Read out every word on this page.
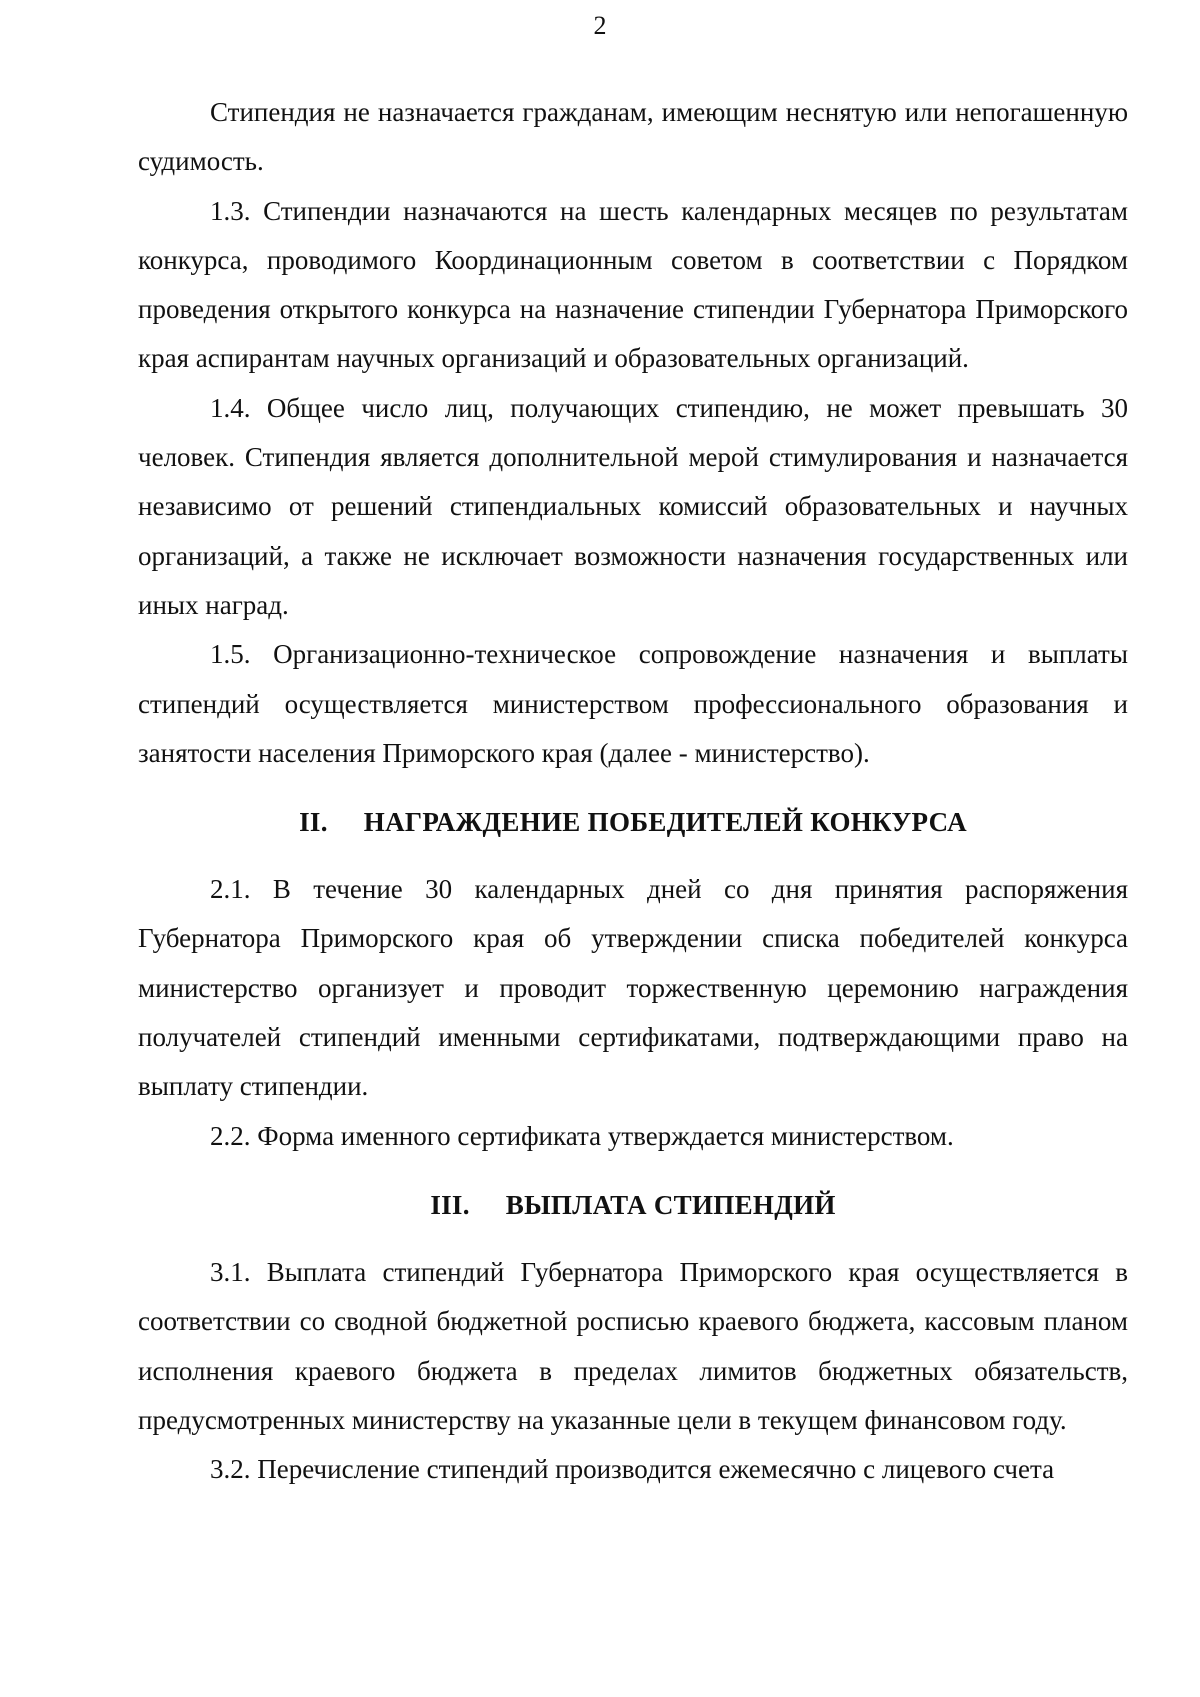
2

Стипендия не назначается гражданам, имеющим неснятую или непогашенную судимость.

1.3. Стипендии назначаются на шесть календарных месяцев по результатам конкурса, проводимого Координационным советом в соответствии с Порядком проведения открытого конкурса на назначение стипендии Губернатора Приморского края аспирантам научных организаций и образовательных организаций.

1.4. Общее число лиц, получающих стипендию, не может превышать 30 человек. Стипендия является дополнительной мерой стимулирования и назначается независимо от решений стипендиальных комиссий образовательных и научных организаций, а также не исключает возможности назначения государственных или иных наград.

1.5. Организационно-техническое сопровождение назначения и выплаты стипендий осуществляется министерством профессионального образования и занятости населения Приморского края (далее - министерство).

II. НАГРАЖДЕНИЕ ПОБЕДИТЕЛЕЙ КОНКУРСА

2.1. В течение 30 календарных дней со дня принятия распоряжения Губернатора Приморского края об утверждении списка победителей конкурса министерство организует и проводит торжественную церемонию награждения получателей стипендий именными сертификатами, подтверждающими право на выплату стипендии.

2.2. Форма именного сертификата утверждается министерством.

III. ВЫПЛАТА СТИПЕНДИЙ

3.1. Выплата стипендий Губернатора Приморского края осуществляется в соответствии со сводной бюджетной росписью краевого бюджета, кассовым планом исполнения краевого бюджета в пределах лимитов бюджетных обязательств, предусмотренных министерству на указанные цели в текущем финансовом году.

3.2. Перечисление стипендий производится ежемесячно с лицевого счета
